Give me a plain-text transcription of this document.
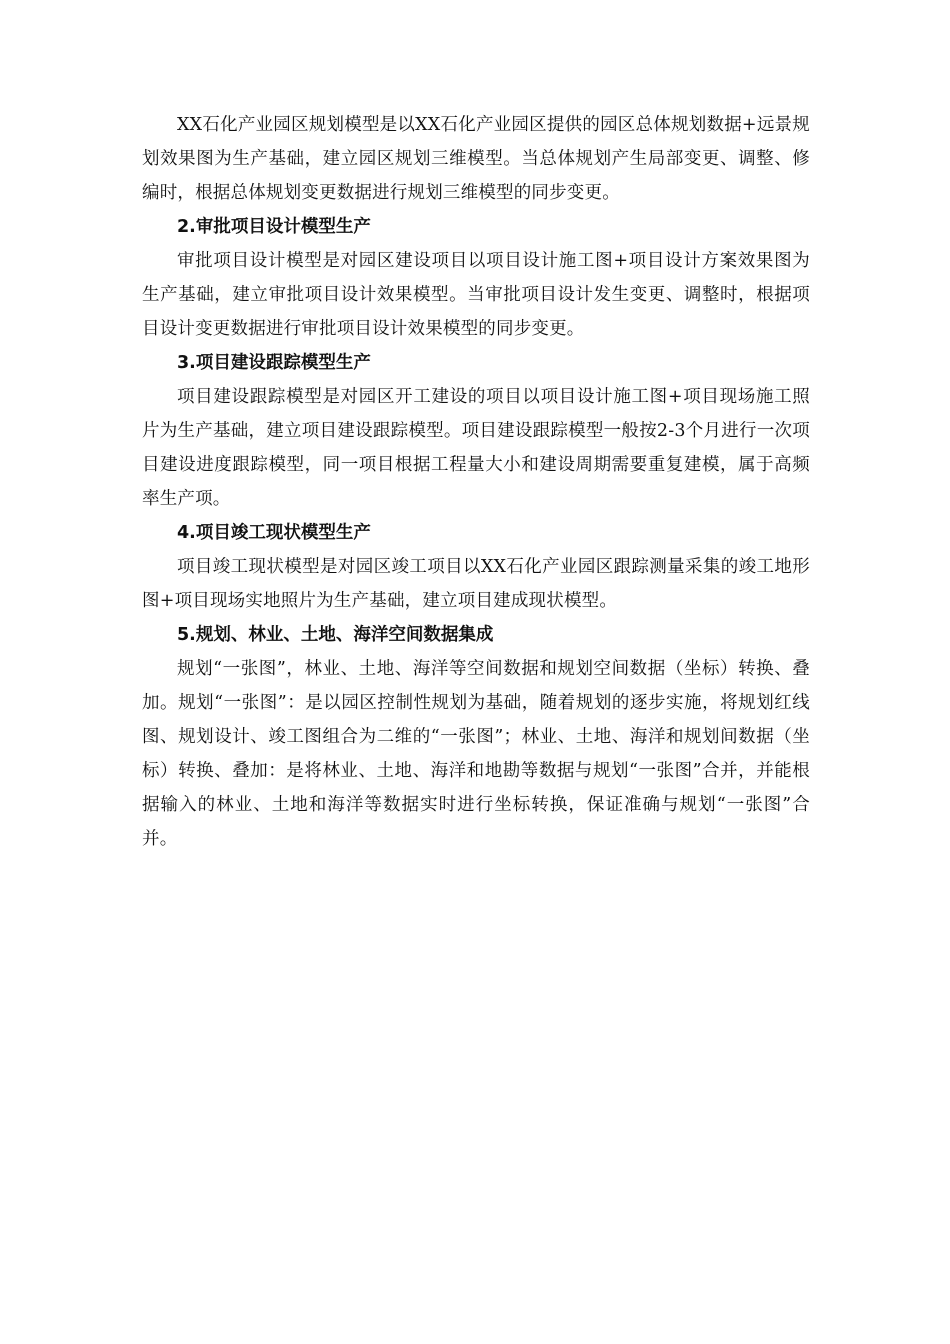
XX石化产业园区规划模型是以XX石化产业园区提供的园区总体规划数据+远景规划效果图为生产基础，建立园区规划三维模型。当总体规划产生局部变更、调整、修编时，根据总体规划变更数据进行规划三维模型的同步变更。

2.审批项目设计模型生产

审批项目设计模型是对园区建设项目以项目设计施工图+项目设计方案效果图为生产基础，建立审批项目设计效果模型。当审批项目设计发生变更、调整时，根据项目设计变更数据进行审批项目设计效果模型的同步变更。

3.项目建设跟踪模型生产

项目建设跟踪模型是对园区开工建设的项目以项目设计施工图+项目现场施工照片为生产基础，建立项目建设跟踪模型。项目建设跟踪模型一般按2-3个月进行一次项目建设进度跟踪模型，同一项目根据工程量大小和建设周期需要重复建模，属于高频率生产项。

4.项目竣工现状模型生产

项目竣工现状模型是对园区竣工项目以XX石化产业园区跟踪测量采集的竣工地形图+项目现场实地照片为生产基础，建立项目建成现状模型。

5.规划、林业、土地、海洋空间数据集成

规划“一张图”，林业、土地、海洋等空间数据和规划空间数据（坐标）转换、叠加。规划“一张图”：是以园区控制性规划为基础，随着规划的逐步实施，将规划红线图、规划设计、竣工图组合为二维的“一张图”；林业、土地、海洋和规划间数据（坐标）转换、叠加：是将林业、土地、海洋和地勘等数据与规划“一张图”合并，并能根据输入的林业、土地和海洋等数据实时进行坐标转换，保证准确与规划“一张图”合并。
